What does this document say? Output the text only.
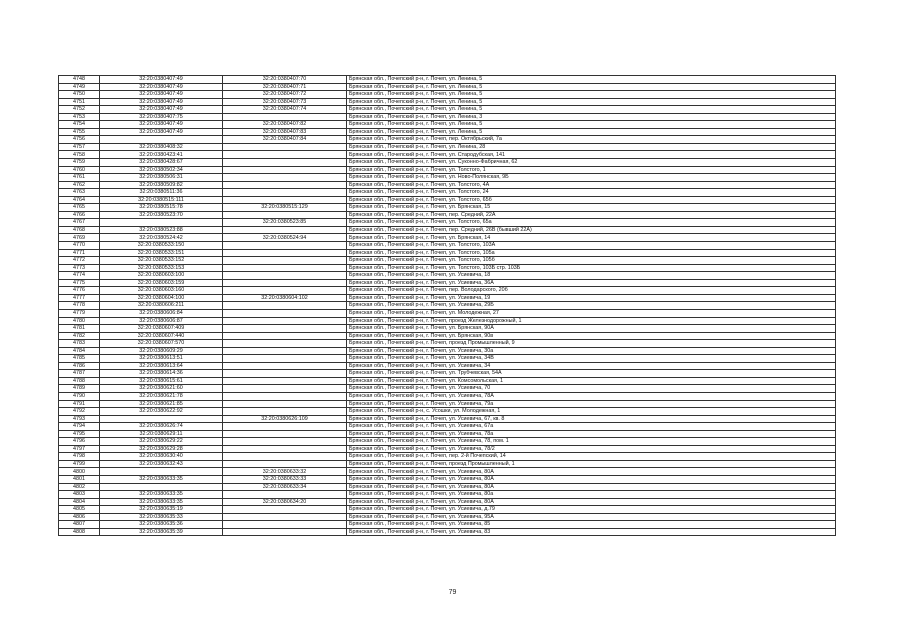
4748	32:20:0380407:49	32:20:0380407:70	Брянская обл., Почепский р-н, г. Почеп, ул. Ленина, 5
4749	32:20:0380407:49	32:20:0380407:71	Брянская обл., Почепский р-н, г. Почеп, ул. Ленина, 5
4750	32:20:0380407:49	32:20:0380407:72	Брянская обл., Почепский р-н, г. Почеп, ул. Ленина, 5
4751	32:20:0380407:49	32:20:0380407:73	Брянская обл., Почепский р-н, г. Почеп, ул. Ленина, 5
4752	32:20:0380407:49	32:20:0380407:74	Брянская обл., Почепский р-н, г. Почеп, ул. Ленина, 5
4753	32:20:0380407:75		Брянская обл., Почепский р-н, г. Почеп, ул. Ленина, 3
4754	32:20:0380407:49	32:20:0380407:82	Брянская обл., Почепский р-н, г. Почеп, ул. Ленина, 5
4755	32:20:0380407:49	32:20:0380407:83	Брянская обл., Почепский р-н, г. Почеп, ул. Ленина, 5
4756		32:20:0380407:84	Брянская обл., Почепский р-н, г. Почеп, пер. Октябрьский, 7а
4757	32:20:0380408:32		Брянская обл., Почепский р-н, г. Почеп, ул. Ленина, 28
4758	32:20:0380423:41		Брянская обл., Почепский р-н, г. Почеп, ул. Стародубская, 141
4759	32:20:0380428:67		Брянская обл., Почепский р-н, г. Почеп, ул. Суконно-Фабричная, 62
4760	32:20:0380502:34		Брянская обл., Почепский р-н, г. Почеп, ул. Толстого, 1
4761	32:20:0380506:31		Брянская обл., Почепский р-н, г. Почеп, ул. Ново-Полянская, 9Б
4762	32:20:0380509:82		Брянская обл., Почепский р-н, г. Почеп, ул. Толстого, 4А
4763	32:20:0380511:36		Брянская обл., Почепский р-н, г. Почеп, ул. Толстого, 24
4764	32:20:0380515:111		Брянская обл., Почепский р-н, г. Почеп, ул. Толстого, 65б
4765	32:20:0380515:78	32:20:0380515:129	Брянская обл., Почепский р-н, г. Почеп, ул. Брянская, 15
4766	32:20:0380523:70		Брянская обл., Почепский р-н, г. Почеп, пер. Средний, 22А
4767		32:20:0380523:85	Брянская обл., Почепский р-н, г. Почеп, ул. Толстого, 65а
4768	32:20:0380523:88		Брянская обл., Почепский р-н, г. Почеп, пер. Средний, 26В (бывший 22А)
4769	32:20:0380524:42	32:20:0380524:94	Брянская обл., Почепский р-н, г. Почеп, ул. Брянская, 14
4770	32:20:0380533:150		Брянская обл., Почепский р-н, г. Почеп, ул. Толстого, 103А
4771	32:20:0380533:151		Брянская обл., Почепский р-н, г. Почеп, ул. Толстого, 105а
4772	32:20:0380533:152		Брянская обл., Почепский р-н, г. Почеп, ул. Толстого, 105б
4773	32:20:0380533:153		Брянская обл., Почепский р-н, г. Почеп, ул. Толстого, 103Б стр. 103Б
4774	32:20:0380603:100		Брянская обл., Почепский р-н, г. Почеп, ул. Усиевича, 18
4775	32:20:0380603:159		Брянская обл., Почепский р-н, г. Почеп, ул. Усиевича, 36А
4776	32:20:0380603:160		Брянская обл., Почепский р-н, г. Почеп, пер. Володарского, 20б
4777	32:20:0380604:100	32:20:0380604:102	Брянская обл., Почепский р-н, г. Почеп, ул. Усиевича, 19
4778	32:20:0380606:211		Брянская обл., Почепский р-н, г. Почеп, ул. Усиевича, 29Б
4779	32:20:0380606:84		Брянская обл., Почепский р-н, г. Почеп, ул. Молодежная, 27
4780	32:20:0380606:87		Брянская обл., Почепский р-н, г. Почеп, проезд Железнодорожный, 1
4781	32:20:0380607:409		Брянская обл., Почепский р-н, г. Почеп, ул. Брянская, 90А
4782	32:20:0380607:440		Брянская обл., Почепский р-н, г. Почеп, ул. Брянская, 90в
4783	32:20:0380607:570		Брянская обл., Почепский р-н, г. Почеп, проезд Промышленный, 9
4784	32:20:0380609:29		Брянская обл., Почепский р-н, г. Почеп, ул. Усиевича, 30а
4785	32:20:0380613:51		Брянская обл., Почепский р-н, г. Почеп, ул. Усиевича, 34В
4786	32:20:0380613:64		Брянская обл., Почепский р-н, г. Почеп, ул. Усиевича, 34
4787	32:20:0380614:36		Брянская обл., Почепский р-н, г. Почеп, ул. Трубчевская, 54А
4788	32:20:0380615:61		Брянская обл., Почепский р-н, г. Почеп, ул. Комсомольская, 1
4789	32:20:0380621:60		Брянская обл., Почепский р-н, г. Почеп, ул. Усиевича, 70
4790	32:20:0380621:78		Брянская обл., Почепский р-н, г. Почеп, ул. Усиевича, 78А
4791	32:20:0380621:85		Брянская обл., Почепский р-н, г. Почеп, ул. Усиевича, 79а
4792	32:20:0380622:92		Брянская обл., Почепский р-н, с. Усошки, ул. Молодежная, 1
4793		32:20:0380626:109	Брянская обл., Почепский р-н, г. Почеп, ул. Усиевича, 67, кв. 8
4794	32:20:0380626:74		Брянская обл., Почепский р-н, г. Почеп, ул. Усиевича, 67а
4795	32:20:0380629:11		Брянская обл., Почепский р-н, г. Почеп, ул. Усиевича, 78а
4796	32:20:0380629:22		Брянская обл., Почепский р-н, г. Почеп, ул. Усиевича, 78, пом. 1
4797	32:20:0380629:28		Брянская обл., Почепский р-н, г. Почеп, ул. Усиевича, 78/2
4798	32:20:0380630:40		Брянская обл., Почепский р-н, г. Почеп, пер. 2-й Почепский, 14
4799	32:20:0380632:43		Брянская обл., Почепский р-н, г. Почеп, проезд Промышленный, 1
4800		32:20:0380633:32	Брянская обл., Почепский р-н, г. Почеп, ул. Усиевича, 80А
4801	32:20:0380633:35	32:20:0380633:33	Брянская обл., Почепский р-н, г. Почеп, ул. Усиевича, 80А
4802		32:20:0380633:34	Брянская обл., Почепский р-н, г. Почеп, ул. Усиевича, 80А
4803	32:20:0380633:35		Брянская обл., Почепский р-н, г. Почеп, ул. Усиевича, 80а
4804	32:20:0380633:35	32:20:0380634:20	Брянская обл., Почепский р-н, г. Почеп, ул. Усиевича, 80А
4805	32:20:0380635:19		Брянская обл., Почепский р-н, г. Почеп, ул. Усиевича, д.79
4806	32:20:0380635:33		Брянская обл., Почепский р-н, г. Почеп, ул. Усиевича, 95А
4807	32:20:0380635:36		Брянская обл., Почепский р-н, г. Почеп, ул. Усиевича, 85
4808	32:20:0380635:39		Брянская обл., Почепский р-н, г. Почеп, ул. Усиевича, 83
79
